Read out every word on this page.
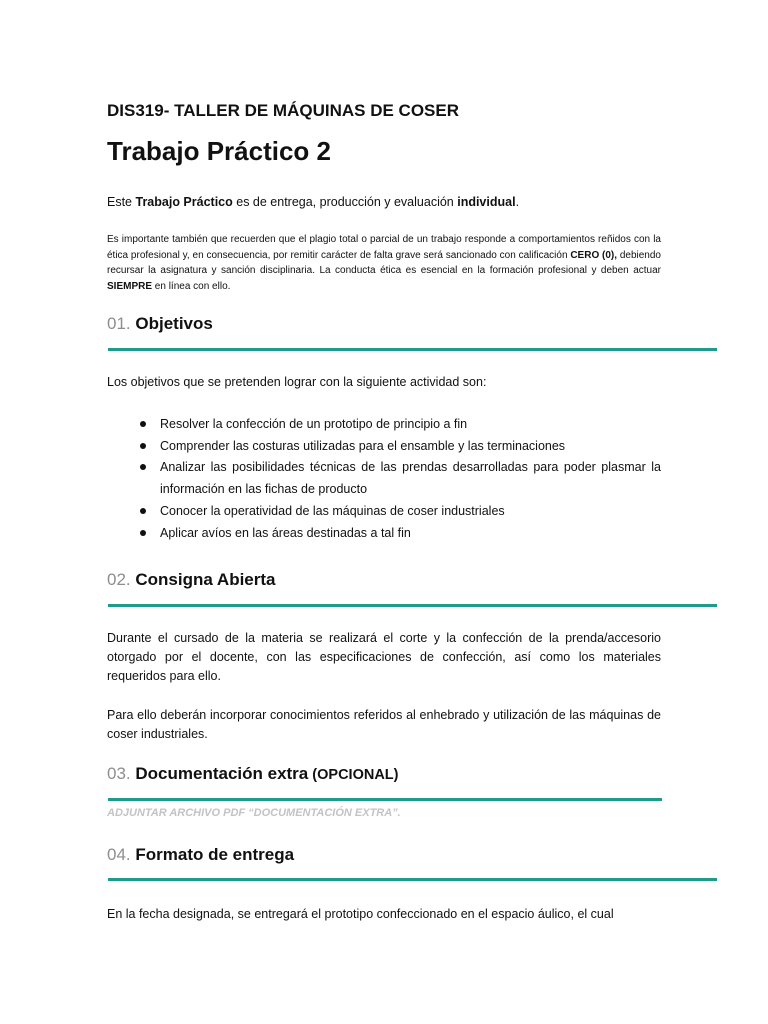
DIS319- TALLER DE MÁQUINAS DE COSER
Trabajo Práctico 2
Este Trabajo Práctico es de entrega, producción y evaluación individual.
Es importante también que recuerden que el plagio total o parcial de un trabajo responde a comportamientos reñidos con la ética profesional y, en consecuencia, por remitir carácter de falta grave será sancionado con calificación CERO (0), debiendo recursar la asignatura y sanción disciplinaria. La conducta ética es esencial en la formación profesional y deben actuar SIEMPRE en línea con ello.
01. Objetivos
Los objetivos que se pretenden lograr con la siguiente actividad son:
Resolver la confección de un prototipo de principio a fin
Comprender las costuras utilizadas para el ensamble y las terminaciones
Analizar las posibilidades técnicas de las prendas desarrolladas para poder plasmar la información en las fichas de producto
Conocer la operatividad de las máquinas de coser industriales
Aplicar avíos en las áreas destinadas a tal fin
02. Consigna Abierta
Durante el cursado de la materia se realizará el corte y la confección de la prenda/accesorio otorgado por el docente, con las especificaciones de confección, así como los materiales requeridos para ello.
Para ello deberán incorporar conocimientos referidos al enhebrado y utilización de las máquinas de coser industriales.
03. Documentación extra (OPCIONAL)
ADJUNTAR ARCHIVO PDF “DOCUMENTACIÓN EXTRA”.
04. Formato de entrega
En la fecha designada, se entregará el prototipo confeccionado en el espacio áulico, el cual
